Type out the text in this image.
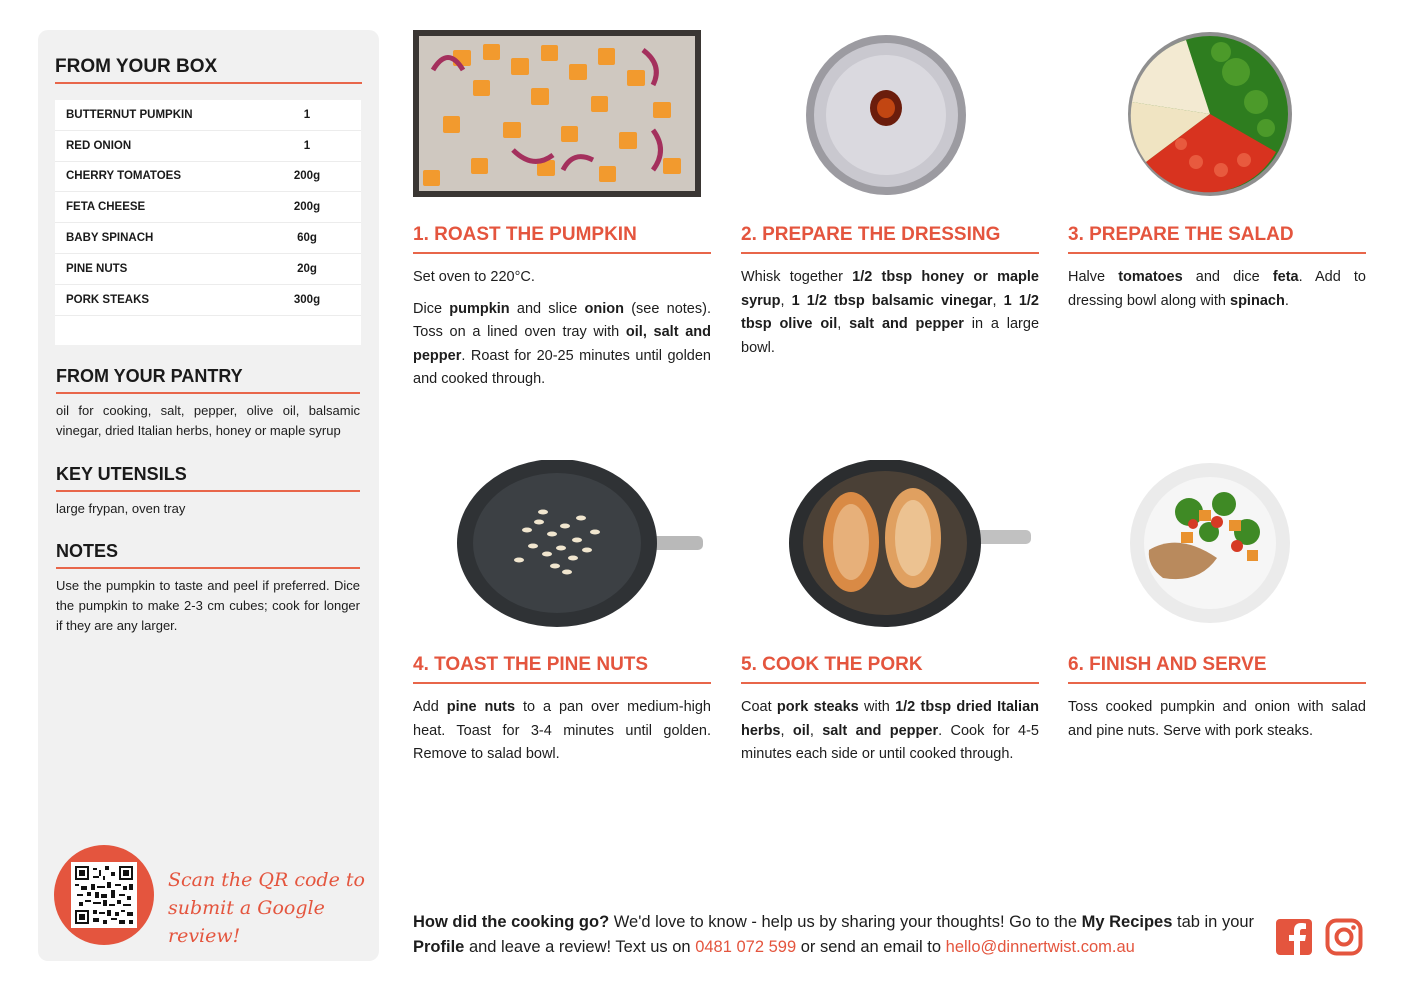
FROM YOUR BOX
BUTTERNUT PUMPKIN	1
RED ONION	1
CHERRY TOMATOES	200g
FETA CHEESE	200g
BABY SPINACH	60g
PINE NUTS	20g
PORK STEAKS	300g
FROM YOUR PANTRY
oil for cooking, salt, pepper, olive oil, balsamic vinegar, dried Italian herbs, honey or maple syrup
KEY UTENSILS
large frypan, oven tray
NOTES
Use the pumpkin to taste and peel if preferred. Dice the pumpkin to make 2-3 cm cubes; cook for longer if they are any larger.
Scan the QR code to
submit a Google review!
1. ROAST THE PUMPKIN

Set oven to 220°C.

Dice pumpkin and slice onion (see notes). Toss on a lined oven tray with oil, salt and pepper. Roast for 20-25 minutes until golden and cooked through.

2. PREPARE THE DRESSING

Whisk together 1/2 tbsp honey or maple syrup, 1 1/2 tbsp balsamic vinegar, 1 1/2 tbsp olive oil, salt and pepper in a large bowl.

3. PREPARE THE SALAD

Halve tomatoes and dice feta. Add to dressing bowl along with spinach.

4. TOAST THE PINE NUTS

Add pine nuts to a pan over medium-high heat. Toast for 3-4 minutes until golden. Remove to salad bowl.

5. COOK THE PORK

Coat pork steaks with 1/2 tbsp dried Italian herbs, oil, salt and pepper. Cook for 4-5 minutes each side or until cooked through.

6. FINISH AND SERVE
Toss cooked pumpkin and onion with salad and pine nuts. Serve with pork steaks.
How did the cooking go? We'd love to know - help us by sharing your thoughts! Go to the My Recipes tab in your Profile and leave a review! Text us on 0481 072 599 or send an email to hello@dinnertwist.com.au
